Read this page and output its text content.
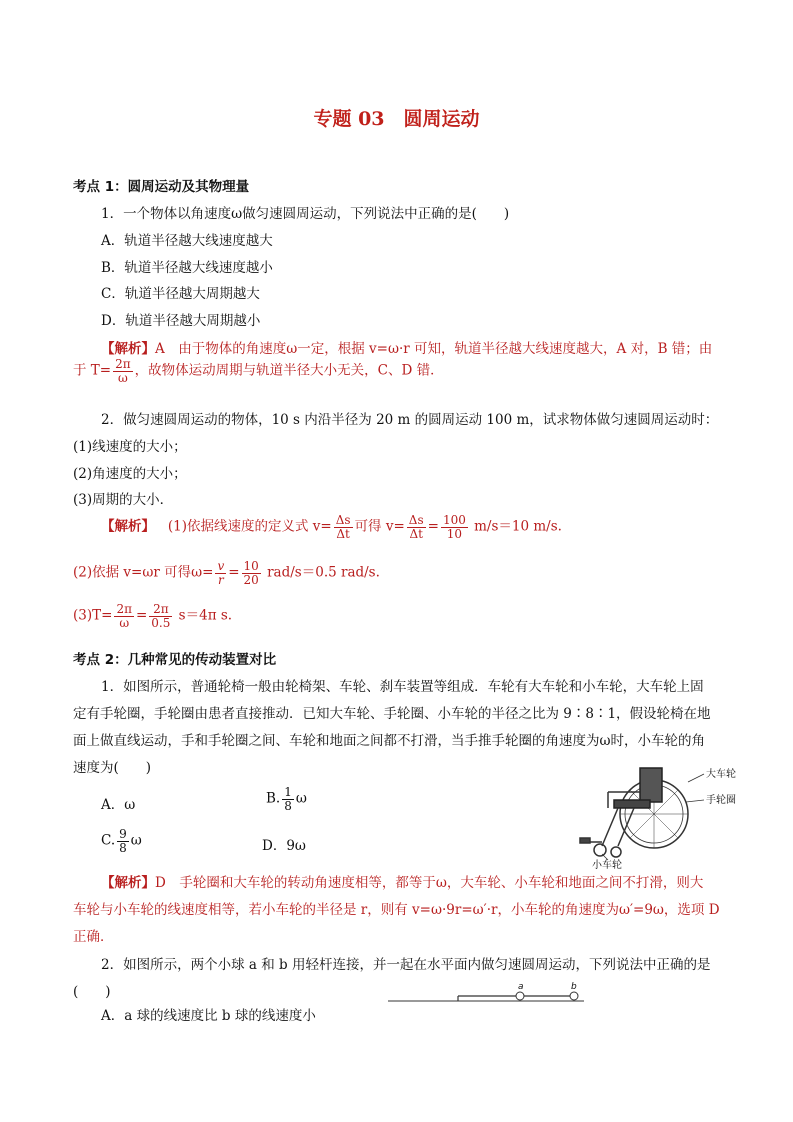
专题 03　圆周运动
考点 1：圆周运动及其物理量
1．一个物体以角速度ω做匀速圆周运动，下列说法中正确的是(　　)
A．轨道半径越大线速度越大
B．轨道半径越大线速度越小
C．轨道半径越大周期越大
D．轨道半径越大周期越小
【解析】A　由于物体的角速度ω一定，根据 v=ω·r 可知，轨道半径越大线速度越大，A 对，B 错；由
于 $T= \frac{2\pi}{\omega}$ ，故物体运动周期与轨道半径大小无关，C、D 错．
2．做匀速圆周运动的物体，10 s 内沿半径为 20 m 的圆周运动 100 m，试求物体做匀速圆周运动时：
(1)线速度的大小；
(2)角速度的大小；
(3)周期的大小．
【解析】 (1)依据线速度的定义式 $v= \frac{\Delta s}{\Delta t}$ 可得 $v= \frac{\Delta s}{\Delta t} = \frac{100}{10} m/s=10$ m/s.
(2)依据 v=ωr 可得$\omega= \frac{v}{r} = \frac{10}{20} rad/s=0.5$ rad/s.
$(3)T= \frac{2\pi}{\omega} = \frac{2\pi}{0.5} s=4\pi$ s.
考点 2：几种常见的传动装置对比
1．如图所示，普通轮椅一般由轮椅架、车轮、刹车装置等组成．车轮有大车轮和小车轮，大车轮上固
定有手轮圈，手轮圈由患者直接推动．已知大车轮、手轮圈、小车轮的半径之比为 9∶8∶1，假设轮椅在地
面上做直线运动，手和手轮圈之间、车轮和地面之间都不打滑，当手推手轮圈的角速度为ω时，小车轮的角
速度为(　　)
A．ω	B. $\frac{1}{8}$ ω
C. $\frac{9}{8}$ ω	D．9ω
大车轮
手轮圈
小车轮
【解析】D　手轮圈和大车轮的转动角速度相等，都等于ω，大车轮、小车轮和地面之间不打滑，则大
车轮与小车轮的线速度相等，若小车轮的半径是 r，则有 v=ω·9r=ω′·r，小车轮的角速度为ω′=9ω，选项 D
正确．
2．如图所示，两个小球 a 和 b 用轻杆连接，并一起在水平面内做匀速圆周运动，下列说法中正确的是
(　　)
A．a 球的线速度比 b 球的线速度小
a	b
